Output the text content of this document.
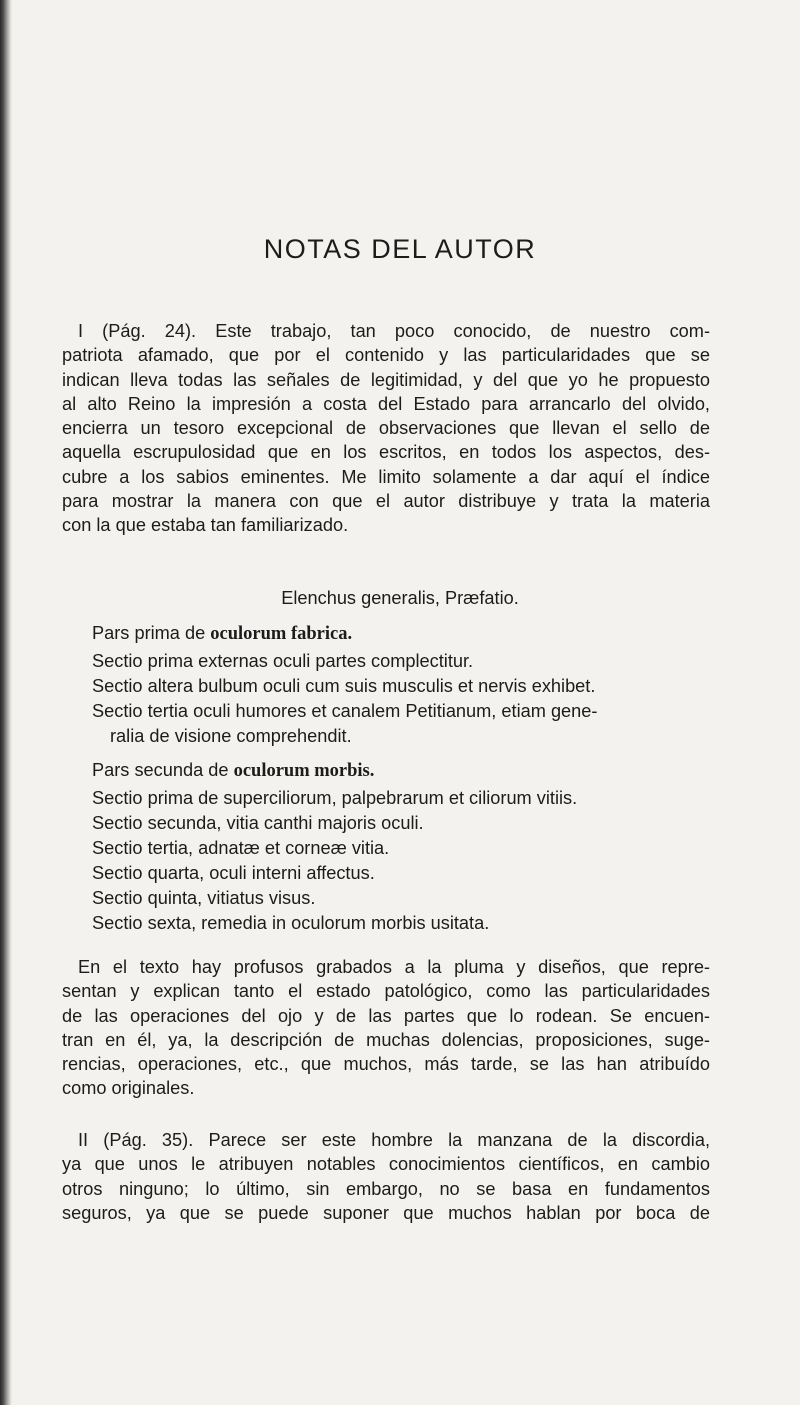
NOTAS DEL AUTOR
I (Pág. 24). Este trabajo, tan poco conocido, de nuestro com-
patriota afamado, que por el contenido y las particularidades que se
indican lleva todas las señales de legitimidad, y del que yo he propuesto
al alto Reino la impresión a costa del Estado para arrancarlo del olvido,
encierra un tesoro excepcional de observaciones que llevan el sello de
aquella escrupulosidad que en los escritos, en todos los aspectos, des-
cubre a los sabios eminentes. Me limito solamente a dar aquí el índice
para mostrar la manera con que el autor distribuye y trata la materia
con la que estaba tan familiarizado.
Elenchus generalis, Præfatio.
Pars prima de oculorum fabrica.
Sectio prima externas oculi partes complectitur.
Sectio altera bulbum oculi cum suis musculis et nervis exhibet.
Sectio tertia oculi humores et canalem Petitianum, etiam gene-
ralia de visione comprehendit.
Pars secunda de oculorum morbis.
Sectio prima de superciliorum, palpebrarum et ciliorum vitiis.
Sectio secunda, vitia canthi majoris oculi.
Sectio tertia, adnatæ et corneæ vitia.
Sectio quarta, oculi interni affectus.
Sectio quinta, vitiatus visus.
Sectio sexta, remedia in oculorum morbis usitata.
En el texto hay profusos grabados a la pluma y diseños, que repre-
sentan y explican tanto el estado patológico, como las particularidades
de las operaciones del ojo y de las partes que lo rodean. Se encuen-
tran en él, ya, la descripción de muchas dolencias, proposiciones, suge-
rencias, operaciones, etc., que muchos, más tarde, se las han atribuído
como originales.
II (Pág. 35). Parece ser este hombre la manzana de la discordia,
ya que unos le atribuyen notables conocimientos científicos, en cambio
otros ninguno; lo último, sin embargo, no se basa en fundamentos
seguros, ya que se puede suponer que muchos hablan por boca de
